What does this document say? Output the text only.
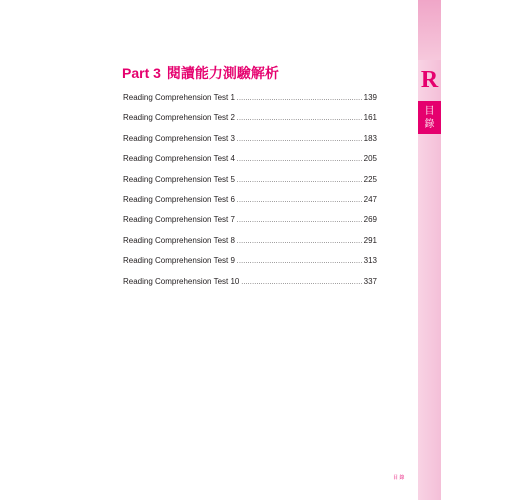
R
目
錄
Part 3 閱讀能力測驗解析
Reading Comprehension Test 1 .....	139
Reading Comprehension Test 2 .....	161
Reading Comprehension Test 3 .....	183
Reading Comprehension Test 4 .....	205
Reading Comprehension Test 5 .....	225
Reading Comprehension Test 6 .....	247
Reading Comprehension Test 7 .....	269
Reading Comprehension Test 8 .....	291
Reading Comprehension Test 9 .....	313
Reading Comprehension Test 10 .....	337
目 錄
